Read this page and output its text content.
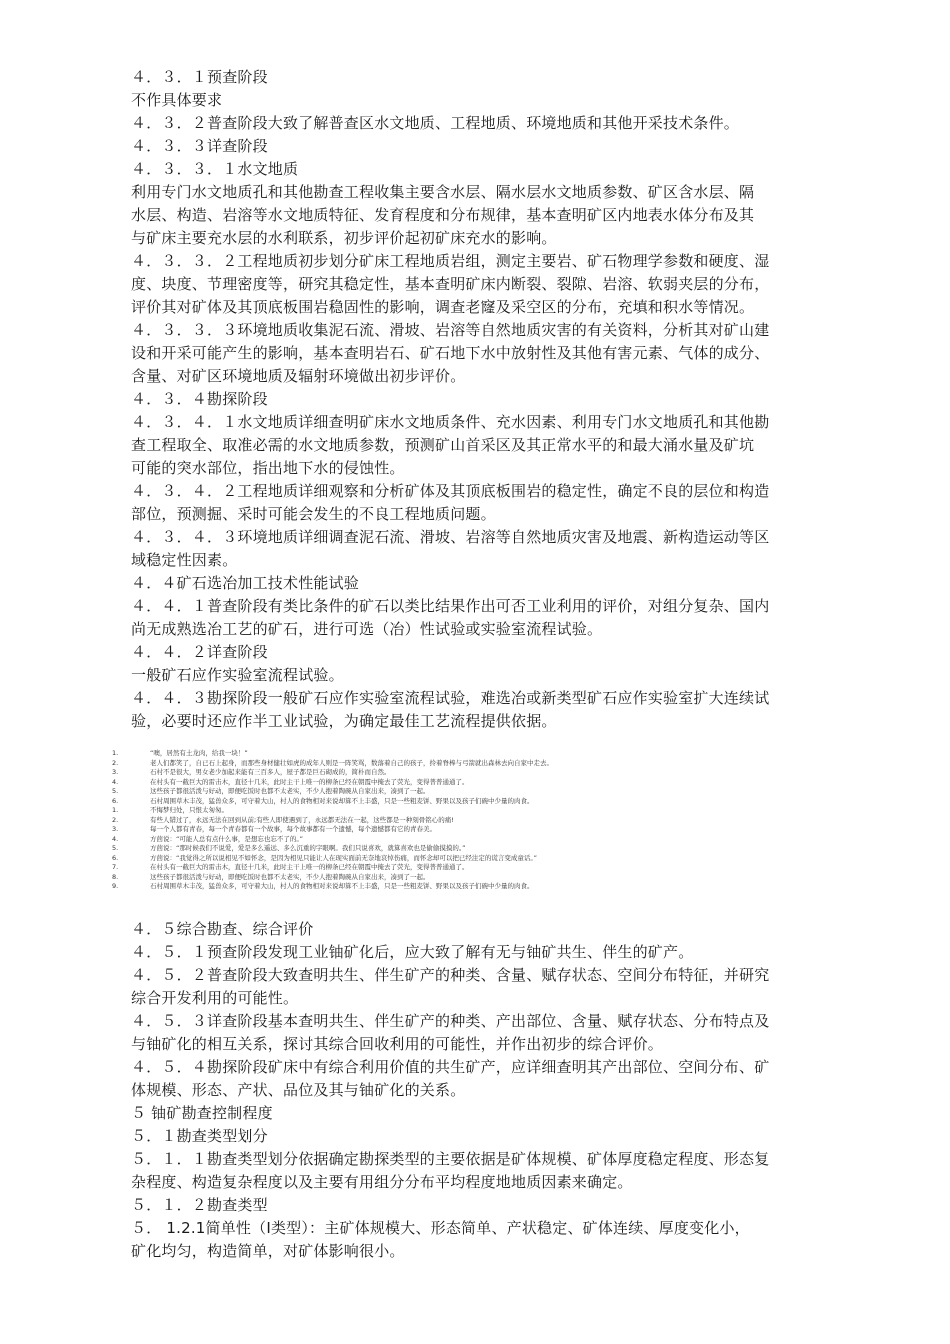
４．３．１预查阶段

不作具体要求

４．３．２普查阶段大致了解普查区水文地质、工程地质、环境地质和其他开采技术条件。

４．３．３详查阶段

４．３．３．１水文地质

利用专门水文地质孔和其他勘查工程收集主要含水层、隔水层水文地质参数、矿区含水层、隔

水层、构造、岩溶等水文地质特征、发育程度和分布规律，基本查明矿区内地表水体分布及其

与矿床主要充水层的水利联系，初步评价起初矿床充水的影响。

４．３．３．２工程地质初步划分矿床工程地质岩组，测定主要岩、矿石物理学参数和硬度、湿

度、块度、节理密度等，研究其稳定性，基本查明矿床内断裂、裂隙、岩溶、软弱夹层的分布，

评价其对矿体及其顶底板围岩稳固性的影响，调查老窿及采空区的分布，充填和积水等情况。

４．３．３．３环境地质收集泥石流、滑坡、岩溶等自然地质灾害的有关资料，分析其对矿山建

设和开采可能产生的影响，基本查明岩石、矿石地下水中放射性及其他有害元素、气体的成分、

含量、对矿区环境地质及辐射环境做出初步评价。

４．３．４勘探阶段

４．３．４．１水文地质详细查明矿床水文地质条件、充水因素、利用专门水文地质孔和其他勘

查工程取全、取准必需的水文地质参数，预测矿山首采区及其正常水平的和最大涌水量及矿坑

可能的突水部位，指出地下水的侵蚀性。

４．３．４．２工程地质详细观察和分析矿体及其顶底板围岩的稳定性，确定不良的层位和构造

部位，预测掘、采时可能会发生的不良工程地质问题。

４．３．４．３环境地质详细调查泥石流、滑坡、岩溶等自然地质灾害及地震、新构造运动等区

域稳定性因素。

４．４矿石选冶加工技术性能试验

４．４．１普查阶段有类比条件的矿石以类比结果作出可否工业利用的评价，对组分复杂、国内

尚无成熟选冶工艺的矿石，进行可选（冶）性试验或实验室流程试验。

４．４．２详查阶段

一般矿石应作实验室流程试验。

４．４．３勘探阶段一般矿石应作实验室流程试验，难选冶或新类型矿石应作实验室扩大连续试

验，必要时还应作半工业试验，为确定最佳工艺流程提供依据。

1.	“噢，居然有土龙肉，给我一块！”
2.	老人们都笑了，自已石上起身，而那些身材健壮如虎的成年人则是一阵笑骂，数落着自己的孩子，拎着脊棒与弓箭就出森林去向自家中走去。
3.	石村不是很大，男女老少加起来能有三百多人，屋子都是巨石砌成的，简朴而自然。
4.	在村头有一截巨大的雷击木，直径十几米，此时主干上唯一的柳条已经在朝霞中掩去了荧光，变得普普通通了。
5.	这些孩子都很活泼与好动，即便吃饭时也都不太老实，不少人抱着陶碗从自家出来，凑到了一起。
6.	石村周围草木丰茂，猛兽众多，可守着大山，村人的食物相对来说却算不上丰盛，只是一些粗麦饼、野果以及孩子们碗中少量的肉食。
1.	不悔梦归处，只恨太匆匆。
2.	有些人错过了，永远无法在回到从前;有些人即使遇到了，永远都无法在一起，这些都是一种刻骨铭心的痛!
3.	每一个人都有青春，每一个青春都有一个故事，每个故事都有一个遗憾，每个遗憾都有它的青春美。
4.	方茴说：“可能人总有点什么事，是想忘也忘不了的。”
5.	方茴说：“那时候我们不说爱，爱是多么遥远、多么沉重的字眼啊。我们只说喜欢，就算喜欢也是偷偷摸摸的。”
6.	方茴说：“我觉得之所以说相见不如怀念，是因为相见只能让人在现实面前无奈地哀悼伤痛，而怀念却可以把已经注定的谎言变成童话。”
7.	在村头有一截巨大的雷击木，直径十几米，此时主干上唯一的柳条已经在朝霞中掩去了荧光，变得普普通通了。
8.	这些孩子都很活泼与好动，即便吃饭时也都不太老实，不少人抱着陶碗从自家出来，凑到了一起。
9.	石村周围草木丰茂，猛兽众多，可守着大山，村人的食物相对来说却算不上丰盛，只是一些粗麦饼、野果以及孩子们碗中少量的肉食。

４．５综合勘查、综合评价

４．５．１预查阶段发现工业铀矿化后，应大致了解有无与铀矿共生、伴生的矿产。

４．５．２普查阶段大致查明共生、伴生矿产的种类、含量、赋存状态、空间分布特征，并研究

综合开发利用的可能性。

４．５．３详查阶段基本查明共生、伴生矿产的种类、产出部位、含量、赋存状态、分布特点及

与铀矿化的相互关系，探讨其综合回收利用的可能性，并作出初步的综合评价。

４．５．４勘探阶段矿床中有综合利用价值的共生矿产，应详细查明其产出部位、空间分布、矿

体规模、形态、产状、品位及其与铀矿化的关系。

５ 铀矿勘查控制程度

５．１勘查类型划分

５．１．１勘查类型划分依据确定勘探类型的主要依据是矿体规模、矿体厚度稳定程度、形态复

杂程度、构造复杂程度以及主要有用组分分布平均程度地地质因素来确定。

５．１．２勘查类型

５． 1.2.1简单性（Ⅰ类型）：主矿体规模大、形态简单、产状稳定、矿体连续、厚度变化小，

矿化均匀，构造简单，对矿体影响很小。
